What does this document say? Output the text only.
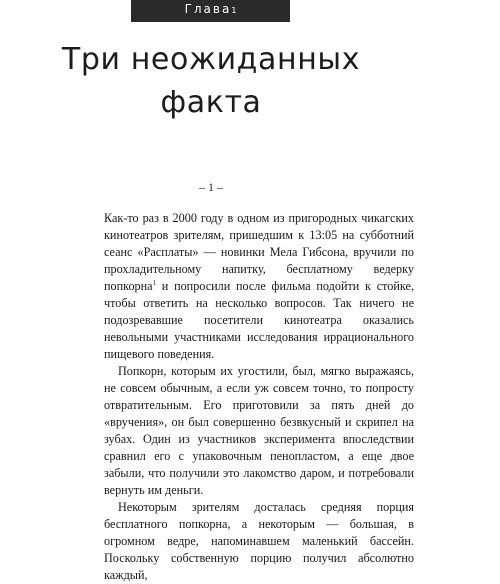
Глава1
Три неожиданных
факта
– 1 –

Как-то раз в 2000 году в одном из пригородных чикагских кинотеатров зрителям, пришедшим к 13:05 на субботний сеанс «Расплаты» — новинки Мела Гибсона, вручили по прохладительному напитку, бесплатному ведерку попкорна$^1$ и попросили после фильма подойти к стойке, чтобы ответить на несколько вопросов. Так ничего не подозревавшие посетители кинотеатра оказались невольными участниками исследования иррационального пищевого поведения.

Попкорн, которым их угостили, был, мягко выражаясь, не совсем обычным, а если уж совсем точно, то попросту отвратительным. Его приготовили за пять дней до «вручения», он был совершенно безвкусный и скрипел на зубах. Один из участников эксперимента впоследствии сравнил его с упаковочным пенопластом, а еще двое забыли, что получили это лакомство даром, и потребовали вернуть им деньги.

Некоторым зрителям досталась средняя порция бесплатного попкорна, а некоторым — большая, в огромном ведре, напоминавшем маленький бассейн. Поскольку собственную порцию получил абсолютно каждый,
